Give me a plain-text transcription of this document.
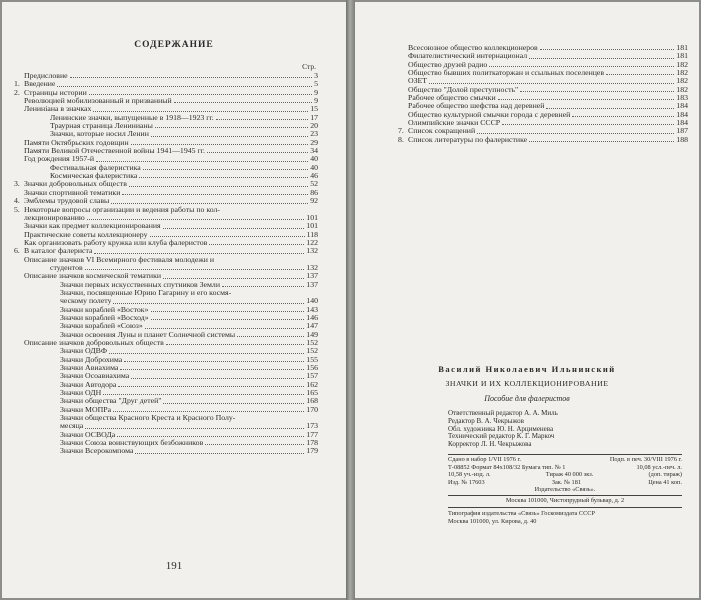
СОДЕРЖАНИЕ
Стр.
Предисловие	3
1. Введение	5
2. Страницы истории	9
Революцией мобилизованный и призванный	9
Ленинiана в значках	15
Ленинские значки, выпущенные в 1918—1923 гг.	17
Траурная страница Ленинианы	20
Значки, которые носил Ленин	23
Памяти Октябрьских годовщин	29
Памяти Великой Отечественной войны 1941—1945 гг.	34
Год рождения 1957-й	40
Фестивальная фалеристика	40
Космическая фалеристика	46
3. Значки добровольных обществ	52
Значки спортивной тематики	86
4. Эмблемы трудовой славы	92
5. Некоторые вопросы организации и ведения работы по кол-
лекционированию	101
Значки как предмет коллекционирования	101
Практические советы коллекционеру	118
Как организовать работу кружка или клуба фалеристов	122
6. В каталог фалериста	132
Описание значков VI Всемирного фестиваля молодежи и
студентов	132
Описание значков космической тематики	137
Значки первых искусственных спутников Земли	137
Значки, посвященные Юрию Гагарину и его космя-
ческому полету	140
Значки кораблей «Восток»	143
Значки кораблей «Восход»	146
Значки кораблей «Союз»	147
Значки освоения Луны и планет Солнечной системы	149
Описание значков добровольных обществ	152
Значки ОДВФ	152
Значки Доброхима	155
Значки Авиахима	156
Значки Осоавиахима	157
Значки Автодора	162
Значки ОДН	165
Значки общества "Друг детей"	168
Значки МОПРа	170
Значки общества Красного Креста и Красного Полу-
месяца	173
Значки ОСВОДа	177
Значки Союза воинствующих безбожников	178
Значки Всерокомпома	179
191
Всесоюзное общество коллекционеров	181
Филателистический интернационал	181
Общество друзей радио	182
Общество бывших политкаторжан и ссыльных поселенцев	182
ОЗЕТ	182
Общество "Долой преступность"	182
Рабочее общество смычки	183
Рабочее общество шефства над деревней	184
Общество культурной смычки города с деревней	184
Олимпийские значки СССР	184
7. Список сокращений	187
8. Список литературы по фалеристике	188
Василий Николаевич Ильнинский
ЗНАЧКИ И ИХ КОЛЛЕКЦИОНИРОВАНИЕ
Пособие для фалеристов
Ответственный редактор А. А. Миль
Редактор В. А. Чекрыжов
Обл. художника Ю. Н. Арцименева
Технический редактор К. Г. Маркоч
Корректор Л. Н. Чекрыжова
Сдано в набор 1/VII 1976 г.	Подп. в печ. 30/VIII 1976 г.
Т-08852 Формат 84x108/32 Бумага тип. № 1	10,08 усл.-печ. л.
10,58 уч.-изд. л.	Тираж 40 000 экз.	(доп. тираж)
Изд. № 17603	Зак. № 181	Цена 41 коп.
Издательство «Связь».
Москва 101000, Чистопрудный бульвар, д. 2
Типография издательства «Связь» Госкомиздата СССР
Москва 101000, ул. Кирова, д. 40
